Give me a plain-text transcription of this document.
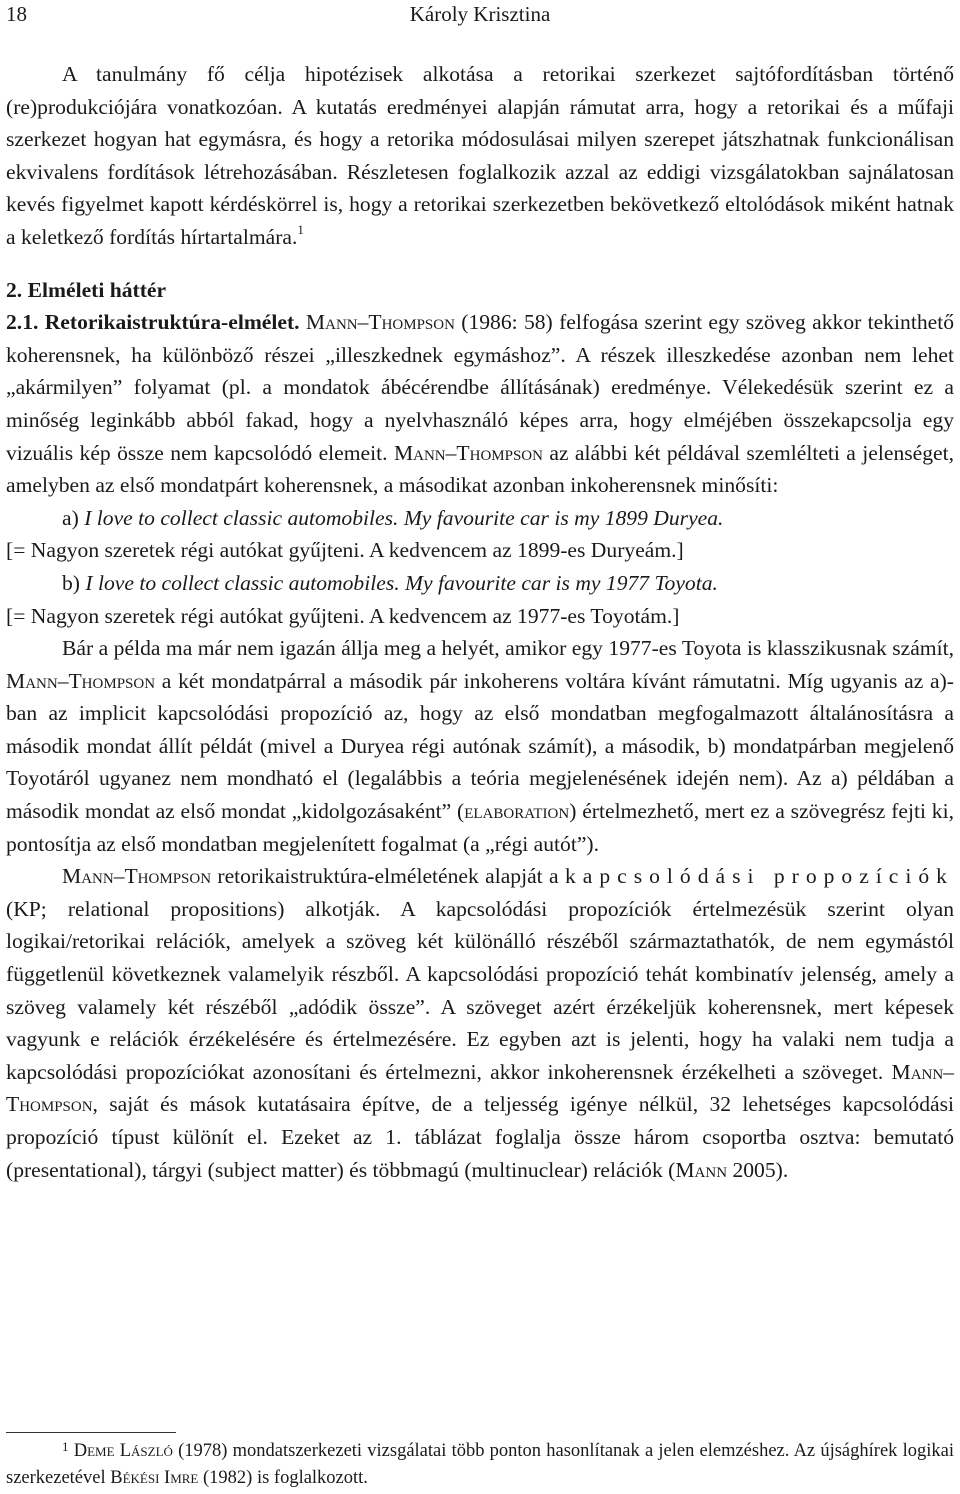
18	Károly Krisztina

A tanulmány fő célja hipotézisek alkotása a retorikai szerkezet sajtófordításban történő (re)produkciójára vonatkozóan. A kutatás eredményei alapján rámutat arra, hogy a retorikai és a műfaji szerkezet hogyan hat egymásra, és hogy a retorika módosulásai milyen szerepet játszhatnak funkcionálisan ekvivalens fordítások létrehozásában. Részletesen foglalkozik azzal az eddigi vizsgálatokban sajnálatosan kevés figyelmet kapott kérdéskörrel is, hogy a retorikai szerkezetben bekövetkező eltolódások miként hatnak a keletkező fordítás hírtartalmára.$^1$

2. Elméleti háttér

2.1. Retorikaistruktúra-elmélet. Mann–Thompson (1986: 58) felfogása szerint egy szöveg akkor tekinthető koherensnek, ha különböző részei „illeszkednek egymáshoz”. A részek illeszkedése azonban nem lehet „akármilyen” folyamat (pl. a mondatok ábécérendbe állításának) eredménye. Vélekedésük szerint ez a minőség leginkább abból fakad, hogy a nyelvhasználó képes arra, hogy elméjében összekapcsolja egy vizuális kép össze nem kapcsolódó elemeit. Mann–Thompson az alábbi két példával szemlélteti a jelenséget, amelyben az első mondatpárt koherensnek, a másodikat azonban inkoherensnek minősíti:

a) I love to collect classic automobiles. My favourite car is my 1899 Duryea.

[= Nagyon szeretek régi autókat gyűjteni. A kedvencem az 1899-es Duryeám.]

b) I love to collect classic automobiles. My favourite car is my 1977 Toyota.

[= Nagyon szeretek régi autókat gyűjteni. A kedvencem az 1977-es Toyotám.]

Bár a példa ma már nem igazán állja meg a helyét, amikor egy 1977-es Toyota is klasszikusnak számít, Mann–Thompson a két mondatpárral a második pár inkoherens voltára kívánt rámutatni. Míg ugyanis az a)-ban az implicit kapcsolódási propozíció az, hogy az első mondatban megfogalmazott általánosításra a második mondat állít példát (mivel a Duryea régi autónak számít), a második, b) mondatpárban megjelenő Toyotáról ugyanez nem mondható el (legalábbis a teória megjelenésének idején nem). Az a) példában a második mondat az első mondat „kidolgozásaként” (elaboration) értelmezhető, mert ez a szövegrész fejti ki, pontosítja az első mondatban megjelenített fogalmat (a „régi autót”).

Mann–Thompson retorikaistruktúra-elméletének alapját a kapcsolódási propozíciók (KP; relational propositions) alkotják. A kapcsolódási propozíciók értelmezésük szerint olyan logikai/retorikai relációk, amelyek a szöveg két különálló részéből származtathatók, de nem egymástól függetlenül következnek valamelyik részből. A kapcsolódási propozíció tehát kombinatív jelenség, amely a szöveg valamely két részéből „adódik össze”. A szöveget azért érzékeljük koherensnek, mert képesek vagyunk e relációk érzékelésére és értelmezésére. Ez egyben azt is jelenti, hogy ha valaki nem tudja a kapcsolódási propozíciókat azonosítani és értelmezni, akkor inkoherensnek érzékelheti a szöveget. Mann–Thompson, saját és mások kutatásaira építve, de a teljesség igénye nélkül, 32 lehetséges kapcsolódási propozíció típust különít el. Ezeket az 1. táblázat foglalja össze három csoportba osztva: bemutató (presentational), tárgyi (subject matter) és többmagú (multinuclear) relációk (Mann 2005).

$^1$ Deme László (1978) mondatszerkezeti vizsgálatai több ponton hasonlítanak a jelen elemzéshez. Az újsághírek logikai szerkezetével Békési Imre (1982) is foglalkozott.
